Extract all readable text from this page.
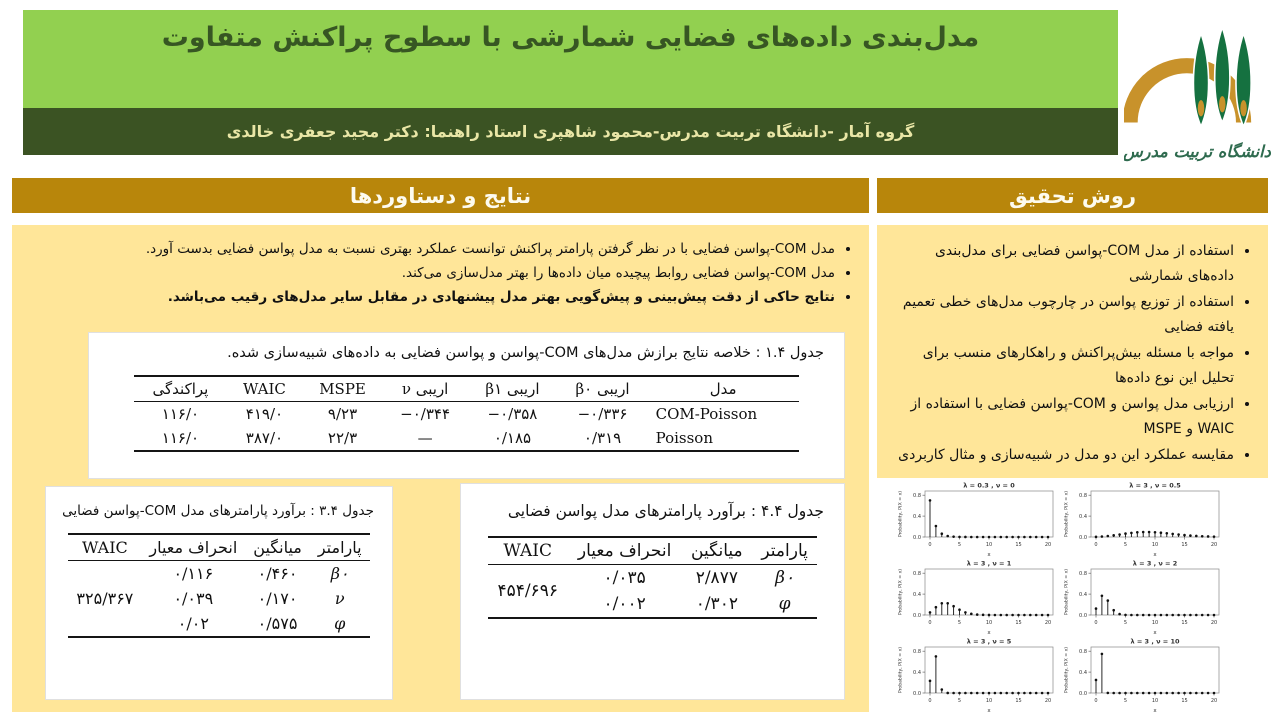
مدل‌بندی داده‌های فضایی شمارشی با سطوح پراکنش متفاوت
گروه آمار -دانشگاه تربیت مدرس-محمود شاهپری استاد راهنما: دکتر مجید جعفری خالدی
دانشگاه تربیت مدرس
نتایج و دستاوردها	روش تحقیق
• مدل COM-پواسن فضایی با در نظر گرفتن پارامتر پراکنش توانست عملکرد بهتری نسبت به مدل پواسن فضایی بدست آورد.
• مدل COM-پواسن فضایی روابط پیچیده میان داده‌ها را بهتر مدل‌سازی می‌کند.
• نتایج حاکی از دقت پیش‌بینی و پیش‌گویی بهتر مدل پیشنهادی در مقابل سایر مدل‌های رقیب می‌باشد.
• استفاده از مدل COM-پواسن فضایی برای مدل‌بندی داده‌های شمارشی
• استفاده از توزیع پواسن در چارچوب مدل‌های خطی تعمیم یافته فضایی
• مواجه با مسئله بیش‌پراکنش و راهکارهای منسب برای تحلیل این نوع داده‌ها
• ارزیابی مدل پواسن و COM-پواسن فضایی با استفاده از WAIC و MSPE
• مقایسه عملکرد این دو مدل در شبیه‌سازی و مثال کاربردی
جدول ۱.۴ : خلاصه نتایج برازش مدل‌های COM-پواسن و پواسن فضایی به داده‌های شبیه‌سازی شده.
مدل	اریبی β۰	اریبی β۱	اریبی ν	MSPE	WAIC	پراکندگی
COM-Poisson	−۰/۳۳۶	−۰/۳۵۸	−۰/۳۴۴	۹/۲۳	۴۱۹/۰	۱۱۶/۰
Poisson	۰/۳۱۹	۰/۱۸۵	—	۲۲/۳	۳۸۷/۰	۱۱۶/۰
جدول ۳.۴ : برآورد پارامترهای مدل COM-پواسن فضایی
پارامتر	میانگین	انحراف معیار	WAIC
β۰	۰/۴۶۰	۰/۱۱۶	
ν	۰/۱۷۰	۰/۰۳۹	۳۲۵/۳۶۷
φ	۰/۵۷۵	۰/۰۲	
جدول ۴.۴ : برآورد پارامترهای مدل پواسن فضایی
پارامتر	میانگین	انحراف معیار	WAIC
β۰	۲/۸۷۷	۰/۰۳۵	۴۵۴/۶۹۶
φ	۰/۳۰۲	۰/۰۰۲	
λ = 0.3 , ν = 0
0.0
0.4
0.8
0	5	10	15	20
x
Probability, P(X = x)
λ = 3 , ν = 0.5
0.0
0.4
0.8
0	5	10	15	20
x
Probability, P(X = x)
λ = 3 , ν = 1
0.0
0.4
0.8
0	5	10	15	20
x
Probability, P(X = x)
λ = 3 , ν = 2
0.0
0.4
0.8
0	5	10	15	20
x
Probability, P(X = x)
λ = 3 , ν = 5
0.0
0.4
0.8
0	5	10	15	20
x
Probability, P(X = x)
λ = 3 , ν = 10
0.0
0.4
0.8
0	5	10	15	20
x
Probability, P(X = x)
